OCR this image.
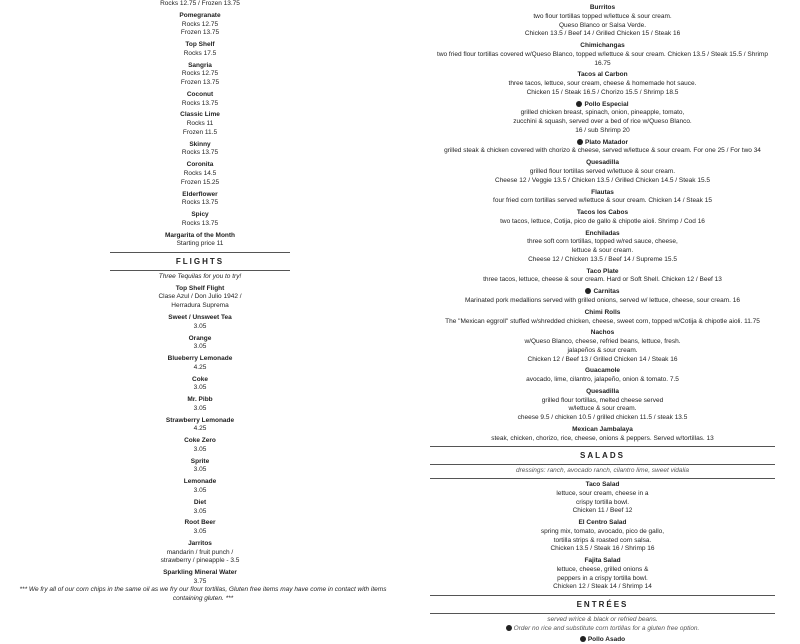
Rocks 12.75 / Frozen 13.75
Pomegranate
Rocks 12.75
Frozen 13.75
Top Shelf
Rocks 17.5
Sangria
Rocks 12.75
Frozen 13.75
Coconut
Rocks 13.75
Classic Lime
Rocks 11
Frozen 11.5
Skinny
Rocks 13.75
Coronita
Rocks 14.5
Frozen 15.25
Elderflower
Rocks 13.75
Spicy
Rocks 13.75
Margarita of the Month
Starting price 11
FLIGHTS
Three Tequilas for you to try!
Top Shelf Flight
Clase Azul / Don Julio 1942 /
Herradura Suprema
Sweet / Unsweet Tea
3.05
Orange
3.05
Blueberry Lemonade
4.25
Coke
3.05
Mr. Pibb
3.05
Strawberry Lemonade
4.25
Coke Zero
3.05
Sprite
3.05
Lemonade
3.05
Diet
3.05
Root Beer
3.05
Jarritos
mandarin / fruit punch /
strawberry / pineapple - 3.5
Sparkling Mineral Water
3.75
*** We fry all of our corn chips in the same oil as we fry our flour tortillas, Gluten free items may have come in contact with items containing gluten. ***
Burritos
two flour tortillas topped w/lettuce & sour cream.
Queso Blanco or Salsa Verde.
Chicken 13.5 / Beef 14 / Grilled Chicken 15 / Steak 16
Chimichangas
two fried flour tortillas covered w/Queso Blanco, topped w/lettuce & sour cream. Chicken 13.5 / Steak 15.5 / Shrimp 16.75
Tacos al Carbon
three tacos, lettuce, sour cream, cheese & homemade hot sauce.
Chicken 15 / Steak 16.5 / Chorizo 15.5 / Shrimp 18.5
Pollo Especial
grilled chicken breast, spinach, onion, pineapple, tomato,
zucchini & squash, served over a bed of rice w/Queso Blanco.
16 / sub Shrimp 20
Plato Matador
grilled steak & chicken covered with chorizo & cheese, served w/lettuce & sour cream. For one 25 / For two 34
Quesadilla
grilled flour tortillas served w/lettuce & sour cream.
Cheese 12 / Veggie 13.5 / Chicken 13.5 / Grilled Chicken 14.5 / Steak 15.5
Flautas
four fried corn tortillas served w/lettuce & sour cream. Chicken 14 / Steak 15
Tacos los Cabos
two tacos, lettuce, Cotija, pico de gallo & chipotle aioli. Shrimp / Cod 16
Enchiladas
three soft corn tortillas, topped w/red sauce, cheese,
lettuce & sour cream.
Cheese 12 / Chicken 13.5 / Beef 14 / Supreme 15.5
Taco Plate
three tacos, lettuce, cheese & sour cream. Hard or Soft Shell. Chicken 12 / Beef 13
Carnitas
Marinated pork medallions served with grilled onions, served w/ lettuce, cheese, sour cream. 16
Chimi Rolls
The "Mexican eggroll" stuffed w/shredded chicken, cheese, sweet corn, topped w/Cotija & chipotle aioli. 11.75
Nachos
w/Queso Blanco, cheese, refried beans, lettuce, fresh.
jalapeños & sour cream.
Chicken 12 / Beef 13 / Grilled Chicken 14 / Steak 16
Guacamole
avocado, lime, cilantro, jalapeño, onion & tomato. 7.5
Quesadilla
grilled flour tortillas, melted cheese served
w/lettuce & sour cream.
cheese 9.5 / chicken 10.5 / grilled chicken 11.5 / steak 13.5
Mexican Jambalaya
steak, chicken, chorizo, rice, cheese, onions & peppers. Served w/tortillas. 13
SALADS
dressings: ranch, avocado ranch, cilantro lime, sweet vidalia
Taco Salad
lettuce, sour cream, cheese in a
crispy tortilla bowl.
Chicken 11 / Beef 12
El Centro Salad
spring mix, tomato, avocado, pico de gallo,
tortilla strips & roasted corn salsa.
Chicken 13.5 / Steak 16 / Shrimp 16
Fajita Salad
lettuce, cheese, grilled onions &
peppers in a crispy tortilla bowl.
Chicken 12 / Steak 14 / Shrimp 14
ENTRÉES
served w/rice & black or refried beans.
Order no rice and substitute corn tortillas for a gluten free option.
Pollo Asado
